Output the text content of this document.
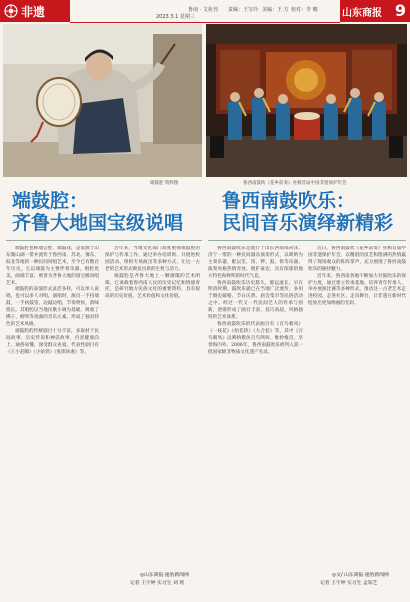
非遗	鲁南 · 文苑刊 责编：王宝玲 美编：王 方 校对：李 娜
2023.3.1 星期三	山东商报 9
端鼓腔 资料图	鲁西南鼓吹《花乡前奏》亮相首届中国非遗保护年会
端鼓腔：
齐鲁大地国宝级说唱
鲁西南鼓吹乐：
民间音乐演绎新精彩

端鼓腔也称端公腔、端鼓戏，是发源于山东微山湖一带并流传于鲁西南、苏北、豫东、皖北等地的一种民间说唱艺术，至今已有数百年历史。它以端鼓为主要伴奏乐器，唱腔优美，曲调丰富，被誉为齐鲁大地的国宝级说唱艺术。

端鼓腔的表演形式灵活多样，可以单人说唱，也可以多人对唱。演唱时，演员一手持端鼓，一手执鼓签，边敲边唱，节奏明快，韵味悠长。其唱腔以当地民歌小调为基础，吸收了梆子、柳琴等戏曲的音乐元素，形成了独具特色的艺术风格。

端鼓腔的传统剧目十分丰富，多取材于民间故事、历史传说和神话故事，内容健康向上，通俗易懂，深受群众喜爱。代表性剧目有《王小赶脚》《小姑贤》《张郎休妻》等。

近年来，当地文化部门高度重视端鼓腔的保护与传承工作，通过举办培训班、开展进校园活动、组织专场演出等多种方式，让这一古老的艺术形式焕发出新的生机与活力。

端鼓腔是齐鲁大地上一颗璀璨的艺术明珠，它承载着鲁西南人民的历史记忆和情感寄托，是研究地方民俗文化的重要资料，具有很高的历史价值、艺术价值和文化价值。

◎山东商报·速豹新闻网
记者 王宇婷 实习生 刘 瑶

鲁西南鼓吹乐是流行于山东西南部菏泽、济宁一带的一种民间器乐演奏形式，以唢呐为主奏乐器，配以笙、笛、锣、鼓、钹等乐器，演奏风格热情奔放、粗犷豪迈，具有浓郁的地方特色和鲜明的时代气息。

鲁西南鼓吹乐历史悠久，源远流长。早在明清时期，鼓吹乐就已在当地广泛流传，多用于婚丧嫁娶、节日庆典、庙会集市等民俗活动之中。经过一代又一代民间艺人的传承与创新，逐渐形成了曲目丰富、技巧高超、风格独特的艺术体系。

鲁西南鼓吹乐的代表曲目有《百鸟朝凤》《一枝花》《抬花轿》《大合套》等，其中《百鸟朝凤》以唢呐模仿百鸟鸣叫，惟妙惟肖，享誉海内外。2006年，鲁西南鼓吹乐被列入第一批国家级非物质文化遗产名录。

近日，鲁西南鼓吹《花乡前奏》亮相首届中国非遗保护年会，以精湛的技艺和饱满的热情赢得了现场观众的阵阵掌声，充分展现了鲁西南鼓吹乐的独特魅力。

近年来，鲁西南各地不断加大对鼓吹乐的保护力度，通过建立传承基地、培养青年传承人、举办展演比赛等多种形式，推动这一古老艺术走进校园、走进社区、走向舞台，让非遗在新时代绽放出更加绚丽的光彩。

◎文/ 山东商报·速豹新闻网
记者 王宇婷 实习生 孟知芝
